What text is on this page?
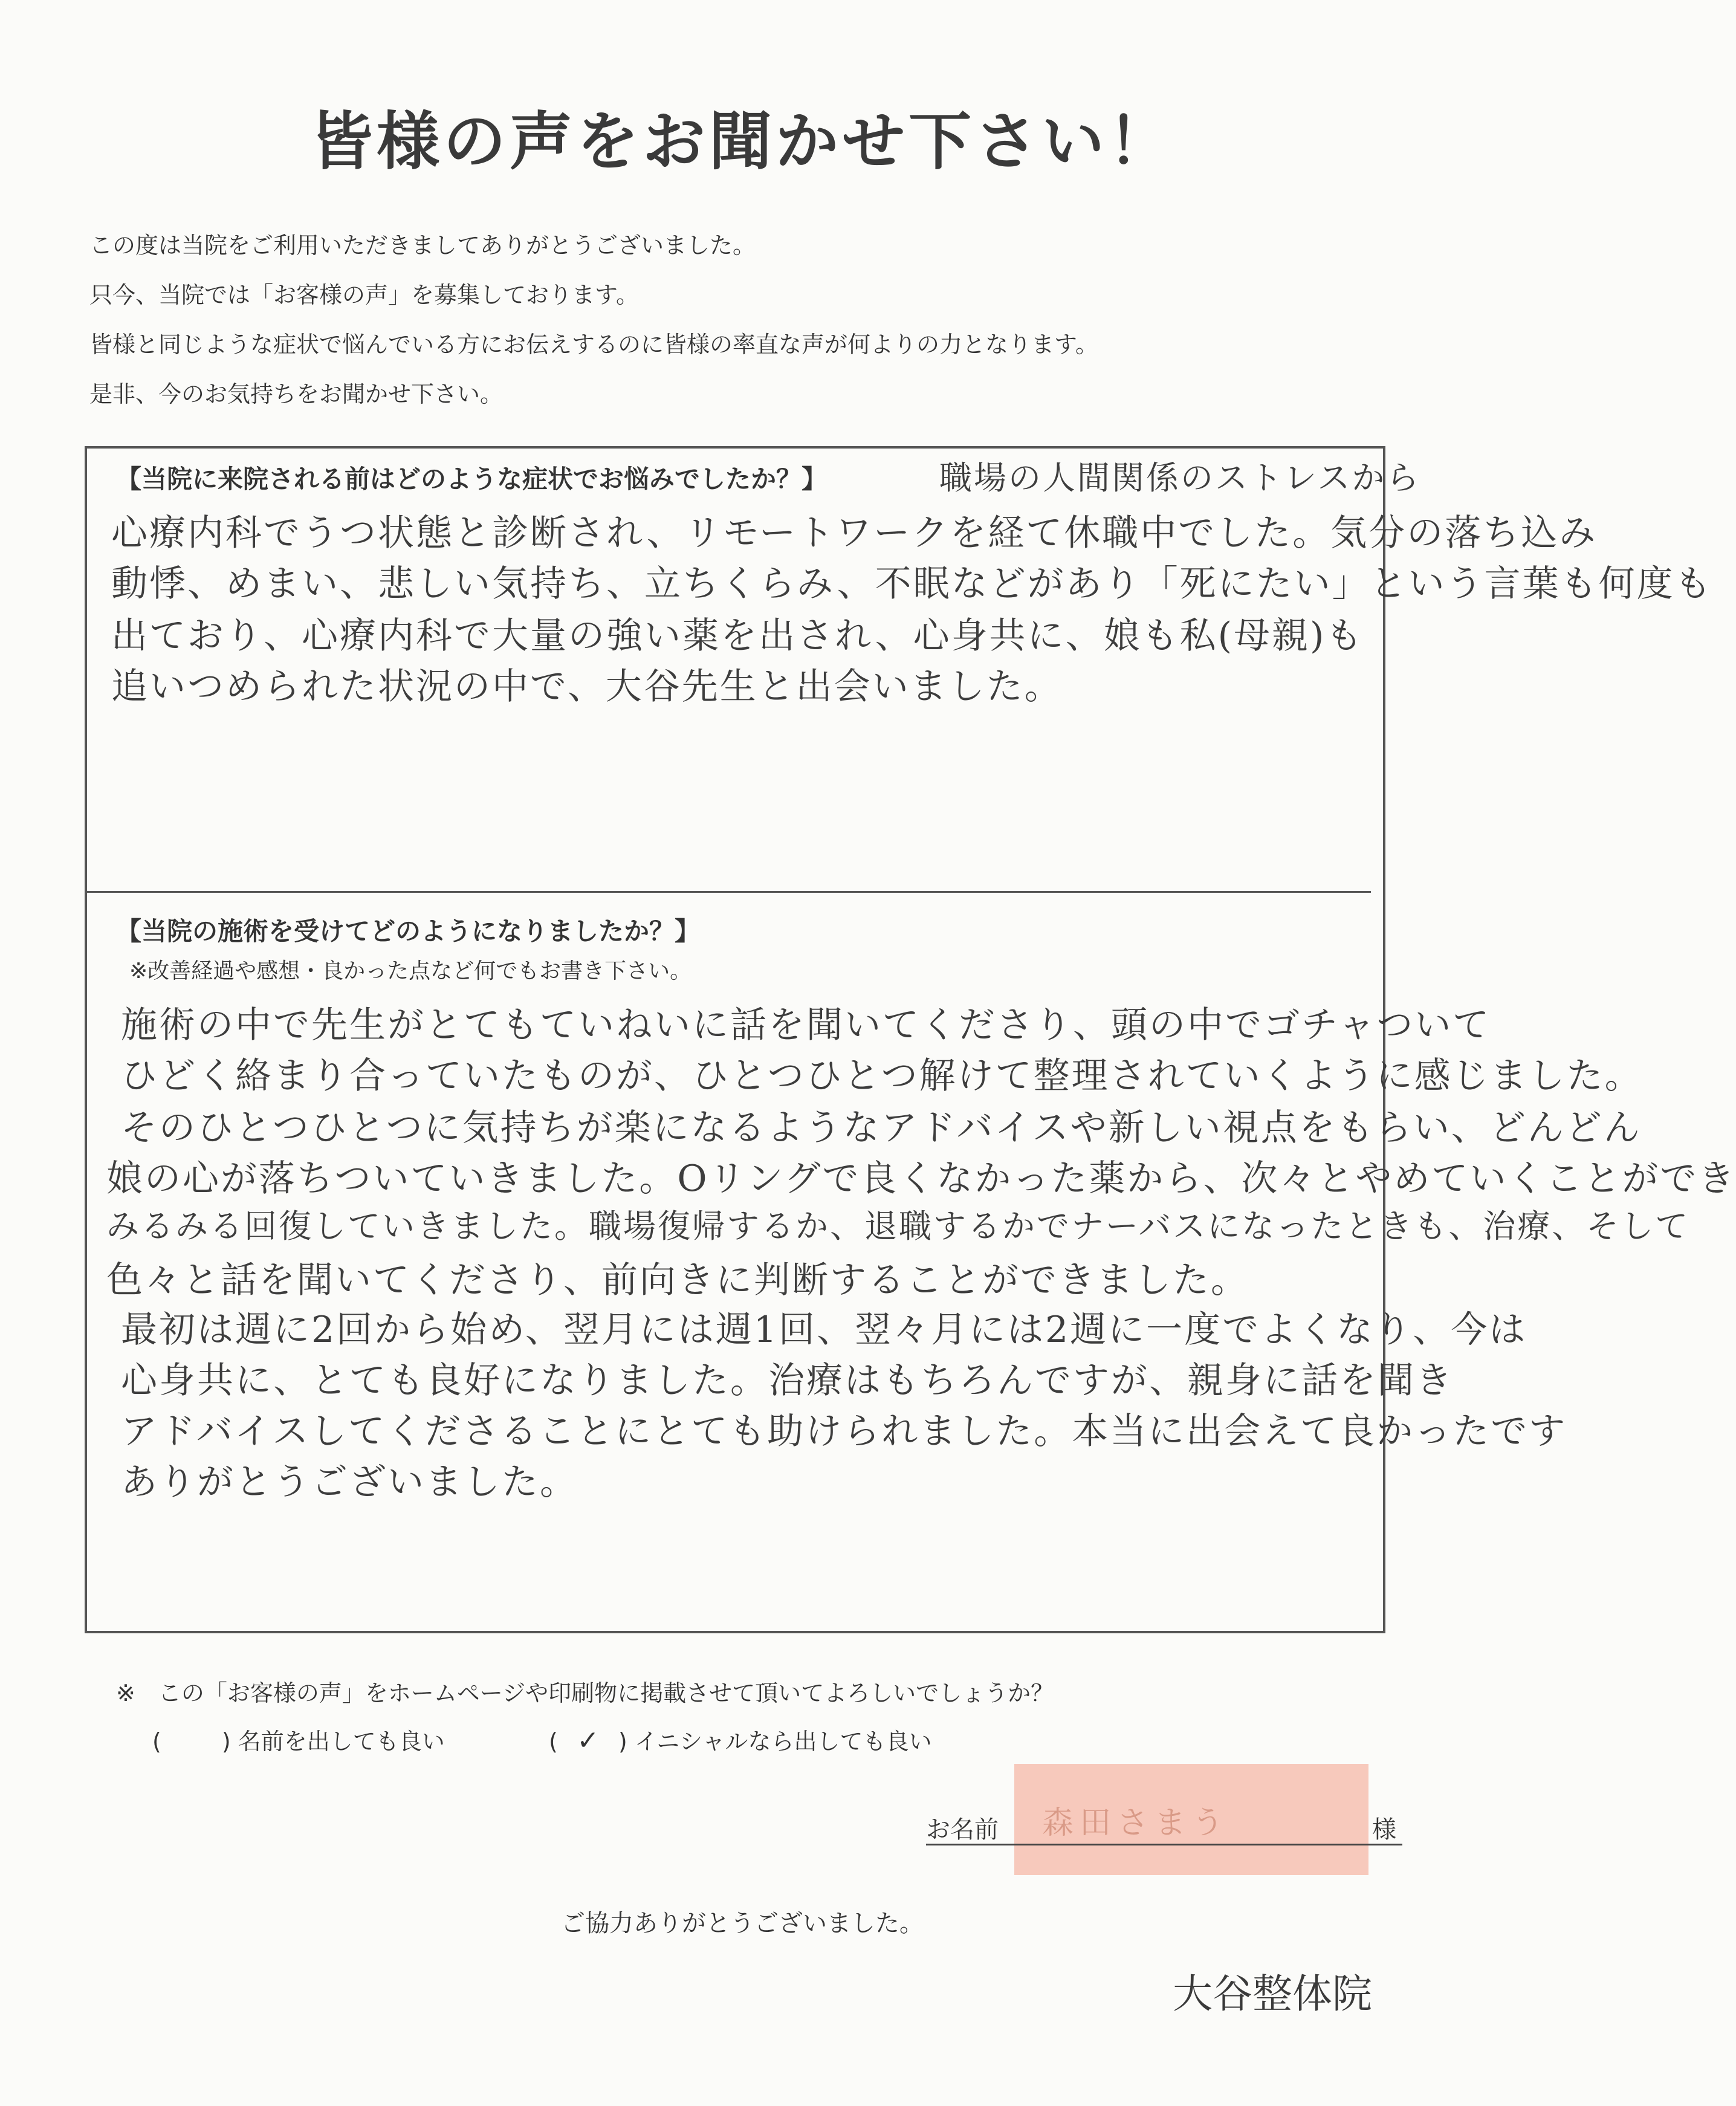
皆様の声をお聞かせ下さい！

この度は当院をご利用いただきましてありがとうございました。

只今、当院では「お客様の声」を募集しております。

皆様と同じような症状で悩んでいる方にお伝えするのに皆様の率直な声が何よりの力となります。

是非、今のお気持ちをお聞かせ下さい。

【当院に来院される前はどのような症状でお悩みでしたか？】	職場の人間関係のストレスから
心療内科でうつ状態と診断され、リモートワークを経て休職中でした。気分の落ち込み
動悸、めまい、悲しい気持ち、立ちくらみ、不眠などがあり「死にたい」という言葉も何度も
出ており、心療内科で大量の強い薬を出され、心身共に、娘も私(母親)も
追いつめられた状況の中で、大谷先生と出会いました。
【当院の施術を受けてどのようになりましたか？】
※改善経過や感想・良かった点など何でもお書き下さい。
施術の中で先生がとてもていねいに話を聞いてくださり、頭の中でゴチャついて
ひどく絡まり合っていたものが、ひとつひとつ解けて整理されていくように感じました。
そのひとつひとつに気持ちが楽になるようなアドバイスや新しい視点をもらい、どんどん
娘の心が落ちついていきました。Oリングで良くなかった薬から、次々とやめていくことができ
みるみる回復していきました。職場復帰するか、退職するかでナーバスになったときも、治療、そして
色々と話を聞いてくださり、前向きに判断することができました。
最初は週に2回から始め、翌月には週1回、翌々月には2週に一度でよくなり、今は
心身共に、とても良好になりました。治療はもちろんですが、親身に話を聞き
アドバイスしてくださることにとても助けられました。本当に出会えて良かったです
ありがとうございました。
※　この「お客様の声」をホームページや印刷物に掲載させて頂いてよろしいでしょうか？
(	) 名前を出しても良い	( ✓ ) イニシャルなら出しても良い
お名前	森田さまう	様
ご協力ありがとうございました。
大谷整体院
